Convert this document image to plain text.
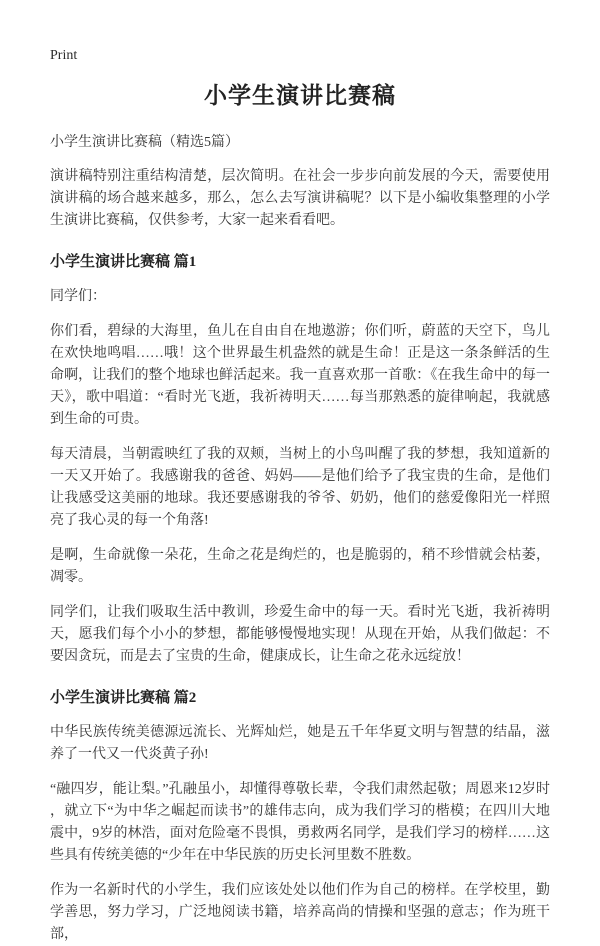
Print
小学生演讲比赛稿

小学生演讲比赛稿（精选5篇）

演讲稿特别注重结构清楚，层次简明。在社会一步步向前发展的今天，需要使用演讲稿的场合越来越多，那么，怎么去写演讲稿呢？以下是小编收集整理的小学生演讲比赛稿，仅供参考，大家一起来看看吧。

小学生演讲比赛稿 篇1

同学们：

你们看，碧绿的大海里，鱼儿在自由自在地遨游；你们听，蔚蓝的天空下，鸟儿在欢快地鸣唱……哦！这个世界最生机盎然的就是生命！正是这一条条鲜活的生命啊，让我们的整个地球也鲜活起来。我一直喜欢那一首歌：《在我生命中的每一天》，歌中唱道：“看时光飞逝，我祈祷明天……每当那熟悉的旋律响起，我就感到生命的可贵。

每天清晨，当朝霞映红了我的双颊，当树上的小鸟叫醒了我的梦想，我知道新的一天又开始了。我感谢我的爸爸、妈妈——是他们给予了我宝贵的生命，是他们让我感受这美丽的地球。我还要感谢我的爷爷、奶奶，他们的慈爱像阳光一样照亮了我心灵的每一个角落!

是啊，生命就像一朵花，生命之花是绚烂的，也是脆弱的，稍不珍惜就会枯萎，凋零。

同学们，让我们吸取生活中教训，珍爱生命中的每一天。看时光飞逝，我祈祷明天，愿我们每个小小的梦想，都能够慢慢地实现！从现在开始，从我们做起：不要因贪玩，而是去了宝贵的生命，健康成长，让生命之花永远绽放！

小学生演讲比赛稿 篇2

中华民族传统美德源远流长、光辉灿烂，她是五千年华夏文明与智慧的结晶，滋养了一代又一代炎黄子孙!

“融四岁，能让梨。”孔融虽小，却懂得尊敬长辈，令我们肃然起敬；周恩来12岁时，就立下“为中华之崛起而读书”的雄伟志向，成为我们学习的楷模；在四川大地震中，9岁的林浩，面对危险毫不畏惧，勇救两名同学，是我们学习的榜样……这些具有传统美德的“少年在中华民族的历史长河里数不胜数。

作为一名新时代的小学生，我们应该处处以他们作为自己的榜样。在学校里，勤学善思，努力学习，广泛地阅读书籍，培养高尚的情操和坚强的意志；作为班干部，
